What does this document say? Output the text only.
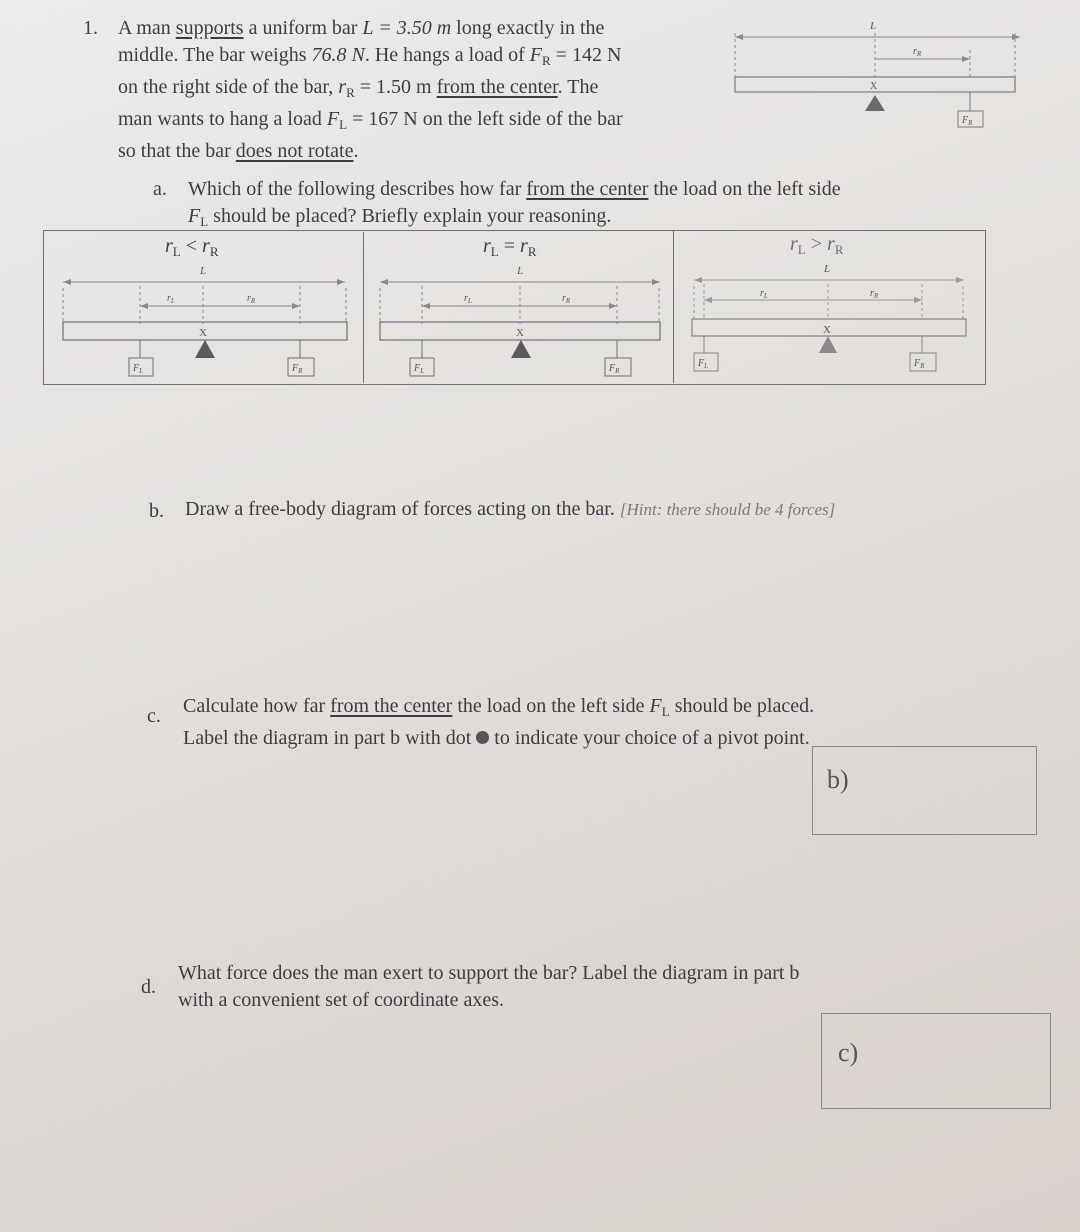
1. A man supports a uniform bar L = 3.50 m long exactly in the
middle. The bar weighs 76.8 N. He hangs a load of $F_R = 142$ N
on the right side of the bar, $r_R = 1.50$ m from the center. The
man wants to hang a load $F_L = 167$ N on the left side of the bar
so that the bar does not rotate.
L
$r_R$
X
$F_R$
a. Which of the following describes how far from the center the load on the left side
$F_L$ should be placed? Briefly explain your reasoning.
$r_L < r_R$
L
$r_L$	$r_R$
X
$F_L$	$F_R$
$r_L = r_R$
L
$r_L$	$r_R$
X
$F_L$	$F_R$
$r_L > r_R$
L
$r_L$	$r_R$
X
$F_L$	$F_R$
b. Draw a free-body diagram of forces acting on the bar. [Hint: there should be 4 forces]
c. Calculate how far from the center the load on the left side $F_L$ should be placed.
Label the diagram in part b with dot  to indicate your choice of a pivot point.
b)
d.
What force does the man exert to support the bar? Label the diagram in part b
with a convenient set of coordinate axes.
c)
